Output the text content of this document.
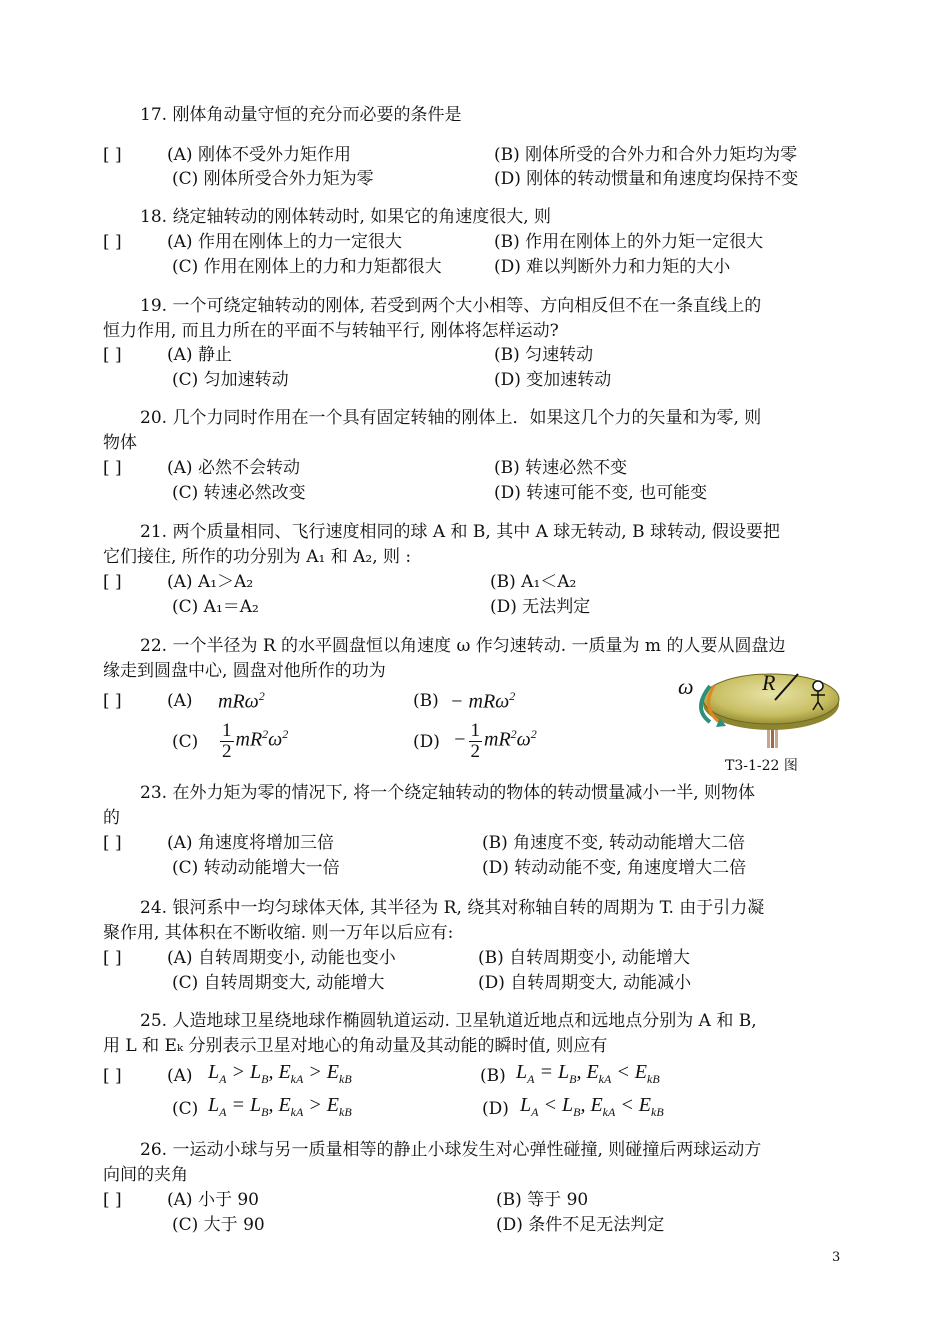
17. 刚体角动量守恒的充分而必要的条件是
[ ]	(A) 刚体不受外力矩作用	(B) 刚体所受的合外力和合外力矩均为零
(C) 刚体所受合外力矩为零	(D) 刚体的转动惯量和角速度均保持不变
18. 绕定轴转动的刚体转动时, 如果它的角速度很大, 则
[ ]	(A) 作用在刚体上的力一定很大	(B) 作用在刚体上的外力矩一定很大
(C) 作用在刚体上的力和力矩都很大	(D) 难以判断外力和力矩的大小
19. 一个可绕定轴转动的刚体, 若受到两个大小相等、方向相反但不在一条直线上的
恒力作用, 而且力所在的平面不与转轴平行, 刚体将怎样运动?
[ ]	(A) 静止	(B) 匀速转动
(C) 匀加速转动	(D) 变加速转动
20. 几个力同时作用在一个具有固定转轴的刚体上．如果这几个力的矢量和为零, 则
物体
[ ]	(A) 必然不会转动	(B) 转速必然不变
(C) 转速必然改变	(D) 转速可能不变, 也可能变
21. 两个质量相同、飞行速度相同的球 A 和 B, 其中 A 球无转动, B 球转动, 假设要把
它们接住, 所作的功分别为 A₁ 和 A₂, 则 :
[ ]	(A) A₁＞A₂	(B) A₁＜A₂
(C) A₁＝A₂	(D) 无法判定
22. 一个半径为 R 的水平圆盘恒以角速度 ω 作匀速转动. 一质量为 m 的人要从圆盘边
缘走到圆盘中心, 圆盘对他所作的功为
[ ]	(A) mRω$^2$	(B) − mRω$^2$
$(C) \frac{1}{2} mR^2\omega^2$	$(D) - \frac{1}{2} mR^2\omega^2$
R
ω
T3-1-22 图
23. 在外力矩为零的情况下, 将一个绕定轴转动的物体的转动惯量减小一半, 则物体
的
[ ]	(A) 角速度将增加三倍	(B) 角速度不变, 转动动能增大二倍
(C) 转动动能增大一倍	(D) 转动动能不变, 角速度增大二倍
24. 银河系中一均匀球体天体, 其半径为 R, 绕其对称轴自转的周期为 T. 由于引力凝
聚作用, 其体积在不断收缩. 则一万年以后应有:
[ ]	(A) 自转周期变小, 动能也变小	(B) 自转周期变小, 动能增大
(C) 自转周期变大, 动能增大	(D) 自转周期变大, 动能减小
25. 人造地球卫星绕地球作椭圆轨道运动. 卫星轨道近地点和远地点分别为 A 和 B,
用 L 和 Eₖ 分别表示卫星对地心的角动量及其动能的瞬时值, 则应有
[ ]	(A) $L_A > L_B$, $E_{kA} > E_{kB}$	(B) $L_A = L_B$, $E_{kA} < E_{kB}$
(C) $L_A = L_B$, $E_{kA} > E_{kB}$	(D) $L_A < L_B$, $E_{kA} < E_{kB}$
26. 一运动小球与另一质量相等的静止小球发生对心弹性碰撞, 则碰撞后两球运动方
向间的夹角
[ ]	(A) 小于 90	(B) 等于 90
(C) 大于 90	(D) 条件不足无法判定
3
